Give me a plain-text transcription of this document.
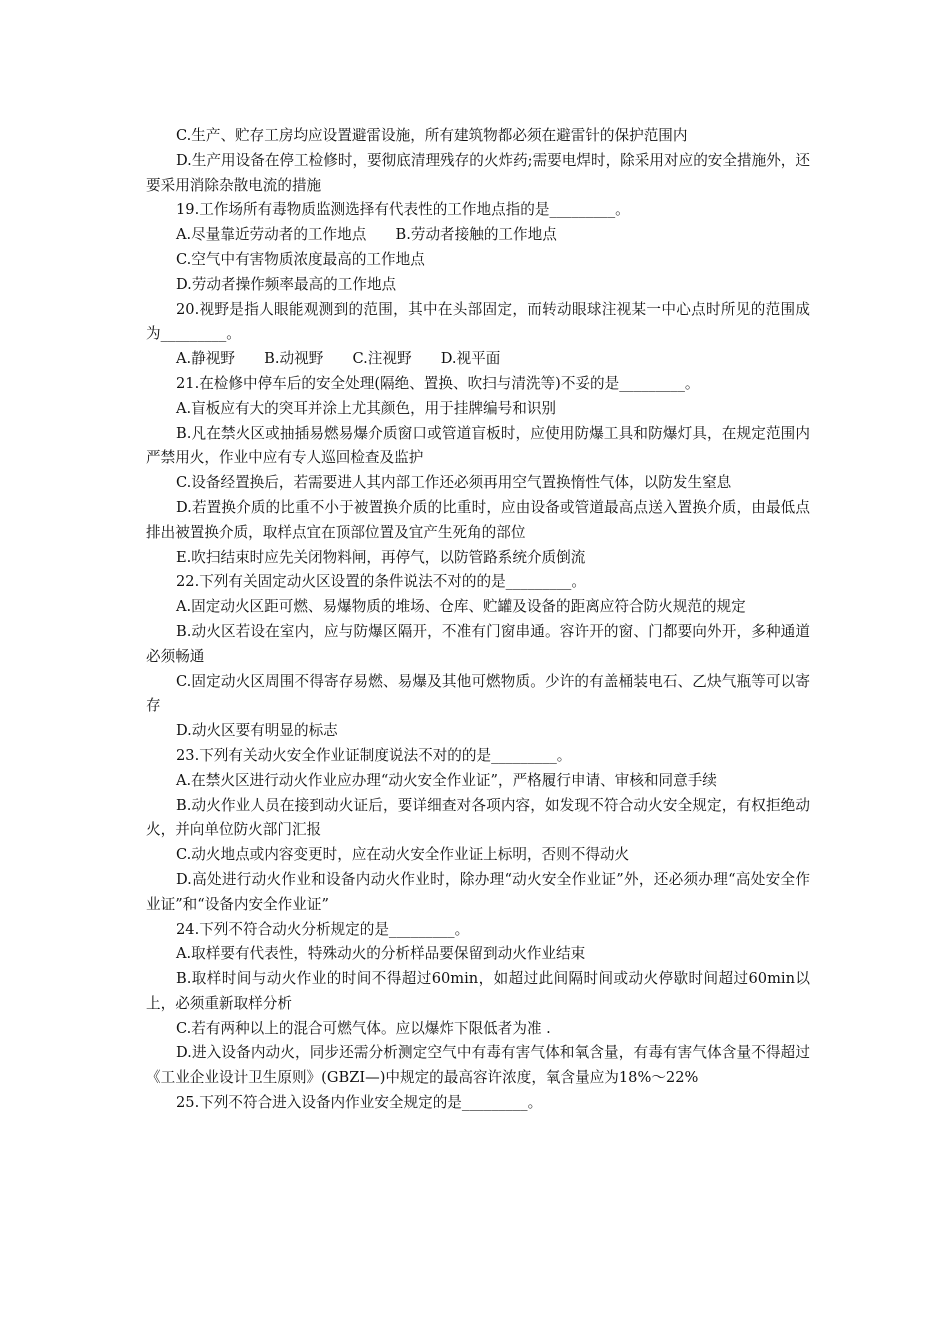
C.生产、贮存工房均应设置避雷设施，所有建筑物都必须在避雷针的保护范围内

D.生产用设备在停工检修时，要彻底清理残存的火炸药;需要电焊时，除采用对应的安全措施外，还要采用消除杂散电流的措施

19.工作场所有毒物质监测选择有代表性的工作地点指的是_________。

A.尽量靠近劳动者的工作地点　　B.劳动者接触的工作地点

C.空气中有害物质浓度最高的工作地点

D.劳动者操作频率最高的工作地点

20.视野是指人眼能观测到的范围，其中在头部固定，而转动眼球注视某一中心点时所见的范围成为_________。

A.静视野　　B.动视野　　C.注视野　　D.视平面

21.在检修中停车后的安全处理(隔绝、置换、吹扫与清洗等)不妥的是_________。

A.盲板应有大的突耳并涂上尤其颜色，用于挂牌编号和识别

B.凡在禁火区或抽插易燃易爆介质窗口或管道盲板时，应使用防爆工具和防爆灯具，在规定范围内严禁用火，作业中应有专人巡回检查及监护

C.设备经置换后，若需要进人其内部工作还必须再用空气置换惰性气体，以防发生窒息

D.若置换介质的比重不小于被置换介质的比重时，应由设备或管道最高点送入置换介质，由最低点排出被置换介质，取样点宜在顶部位置及宜产生死角的部位

E.吹扫结束时应先关闭物料闸，再停气，以防管路系统介质倒流

22.下列有关固定动火区设置的条件说法不对的的是_________。

A.固定动火区距可燃、易爆物质的堆场、仓库、贮罐及设备的距离应符合防火规范的规定

B.动火区若设在室内，应与防爆区隔开，不准有门窗串通。容许开的窗、门都要向外开，多种通道必须畅通

C.固定动火区周围不得寄存易燃、易爆及其他可燃物质。少许的有盖桶装电石、乙炔气瓶等可以寄存

D.动火区要有明显的标志

23.下列有关动火安全作业证制度说法不对的的是_________。

A.在禁火区进行动火作业应办理“动火安全作业证”，严格履行申请、审核和同意手续

B.动火作业人员在接到动火证后，要详细查对各项内容，如发现不符合动火安全规定，有权拒绝动火，并向单位防火部门汇报

C.动火地点或内容变更时，应在动火安全作业证上标明，否则不得动火

D.高处进行动火作业和设备内动火作业时，除办理“动火安全作业证”外，还必须办理“高处安全作业证”和“设备内安全作业证”

24.下列不符合动火分析规定的是_________。

A.取样要有代表性，特殊动火的分析样品要保留到动火作业结束

B.取样时间与动火作业的时间不得超过60min，如超过此间隔时间或动火停歇时间超过60min以上，必须重新取样分析

C.若有两种以上的混合可燃气体。应以爆炸下限低者为准 .

D.进入设备内动火，同步还需分析测定空气中有毒有害气体和氧含量，有毒有害气体含量不得超过《工业企业设计卫生原则》(GBZI—)中规定的最高容许浓度，氧含量应为18%～22%

25.下列不符合进入设备内作业安全规定的是_________。
